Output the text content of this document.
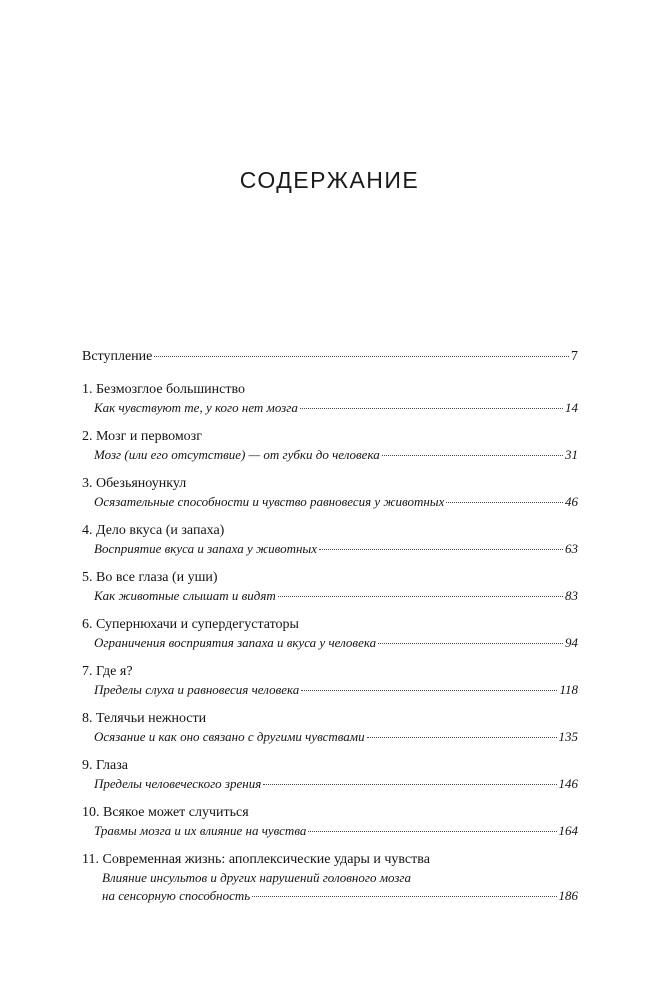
СОДЕРЖАНИЕ
Вступление	7
1. Безмозглое большинство
Как чувствуют те, у кого нет мозга	14
2. Мозг и первомозг
Мозг (или его отсутствие) — от губки до человека	31
3. Обезьяноункул
Осязательные способности и чувство равновесия у животных	46
4. Дело вкуса (и запаха)
Восприятие вкуса и запаха у животных	63
5. Во все глаза (и уши)
Как животные слышат и видят	83
6. Супернюхачи и супердегустаторы
Ограничения восприятия запаха и вкуса у человека	94
7. Где я?
Пределы слуха и равновесия человека	118
8. Телячьи нежности
Осязание и как оно связано с другими чувствами	135
9. Глаза
Пределы человеческого зрения	146
10. Всякое может случиться
Травмы мозга и их влияние на чувства	164
11. Современная жизнь: апоплексические удары и чувства
Влияние инсультов и других нарушений головного мозга
на сенсорную способность	186
